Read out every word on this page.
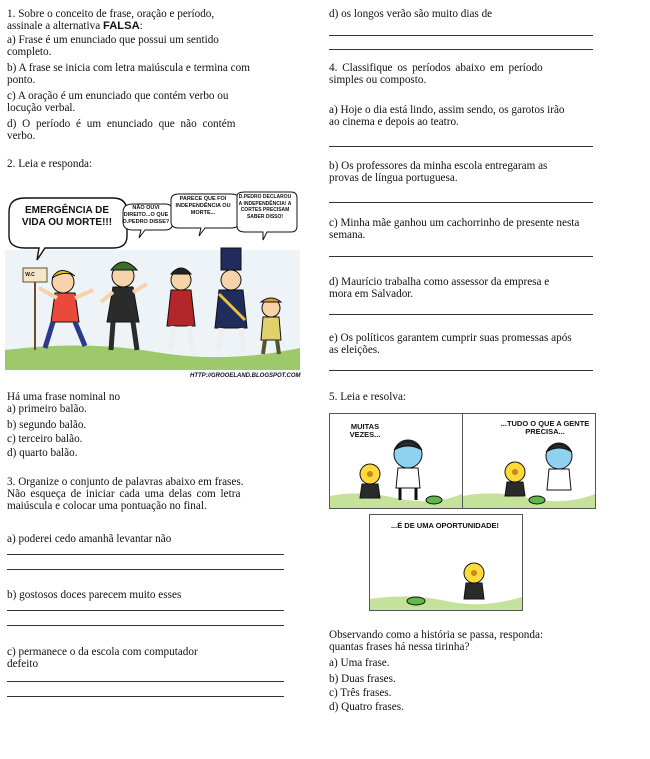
1. Sobre o conceito de frase, oração e período,
assinale a alternativa FALSA:
a) Frase é um enunciado que possui um sentido
completo.
b) A frase se inicia com letra maiúscula e termina com
ponto.
c) A oração é um enunciado que contém verbo ou
locução verbal.
d) O período é um enunciado que não contém
verbo.
2. Leia e responda:
EMERGÊNCIA DE VIDA OU MORTE!!!
NÃO OUVI DIREITO...O QUE D.PEDRO DISSE?
PARECE QUE FOI INDEPENDÊNCIA OU MORTE...
D.PEDRO DECLAROU A INDEPENDÊNCIA! A CORTES PRECISAM SABER DISSO!
W.C
HTTP://GROOELAND.BLOGSPOT.COM
Há uma frase nominal no
a) primeiro balão.
b) segundo balão.
c) terceiro balão.
d) quarto balão.
3. Organize o conjunto de palavras abaixo em frases.
Não esqueça de iniciar cada uma delas com letra
maiúscula e colocar uma pontuação no final.
a) poderei cedo amanhã levantar não
b) gostosos doces parecem muito esses
c) permanece o da escola com computador
defeito
d) os longos verão são muito dias de
4. Classifique os períodos abaixo em período
simples ou composto.
a) Hoje o dia está lindo, assim sendo, os garotos irão
ao cinema e depois ao teatro.
b) Os professores da minha escola entregaram as
provas de língua portuguesa.
c) Minha mãe ganhou um cachorrinho de presente nesta
semana.
d) Maurício trabalha como assessor da empresa e
mora em Salvador.
e) Os políticos garantem cumprir suas promessas após
as eleições.
5. Leia e resolva:
MUITAS VEZES...
...TUDO O QUE A GENTE PRECISA...
...É DE UMA OPORTUNIDADE!
Observando como a história se passa, responda:
quantas frases há nessa tirinha?
a) Uma frase.
b) Duas frases.
c) Três frases.
d) Quatro frases.
